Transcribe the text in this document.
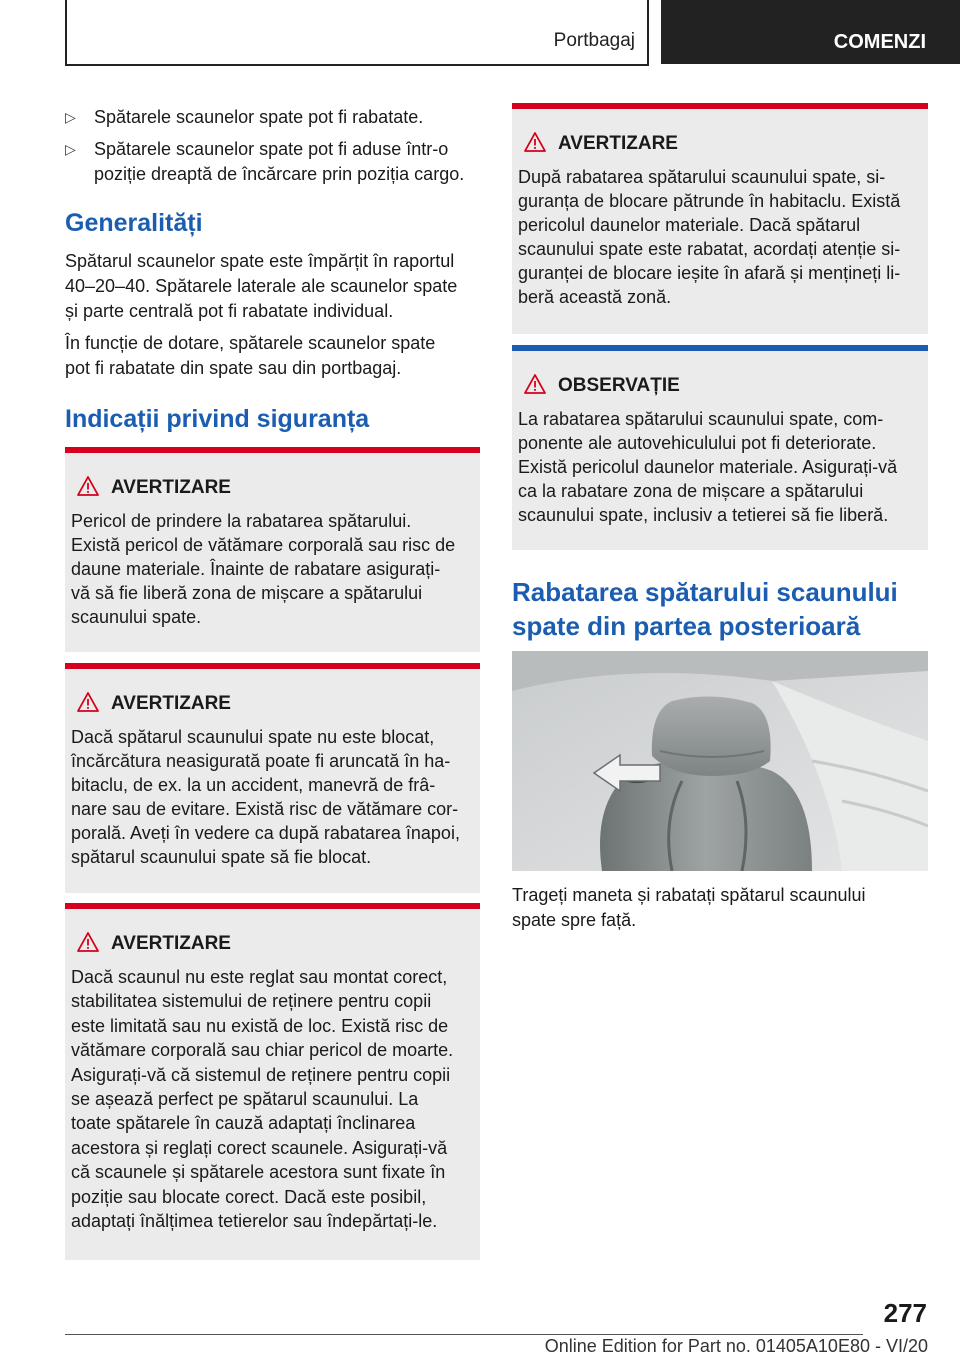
Portbagaj	COMENZI
▷ Spătarele scaunelor spate pot fi rabatate.
▷ Spătarele scaunelor spate pot fi aduse într-o
poziție dreaptă de încărcare prin poziția cargo.
Generalități
Spătarul scaunelor spate este împărțit în raportul
40–20–40. Spătarele laterale ale scaunelor spate
și parte centrală pot fi rabatate individual.
În funcție de dotare, spătarele scaunelor spate
pot fi rabatate din spate sau din portbagaj.
Indicații privind siguranța
AVERTIZARE
Pericol de prindere la rabatarea spătarului.
Există pericol de vătămare corporală sau risc de
daune materiale. Înainte de rabatare asigurați-
vă să fie liberă zona de mișcare a spătarului
scaunului spate.
AVERTIZARE
Dacă spătarul scaunului spate nu este blocat,
încărcătura neasigurată poate fi aruncată în ha-
bitaclu, de ex. la un accident, manevră de frâ-
nare sau de evitare. Există risc de vătămare cor-
porală. Aveți în vedere ca după rabatarea înapoi,
spătarul scaunului spate să fie blocat.
AVERTIZARE
Dacă scaunul nu este reglat sau montat corect,
stabilitatea sistemului de reținere pentru copii
este limitată sau nu există de loc. Există risc de
vătămare corporală sau chiar pericol de moarte.
Asigurați-vă că sistemul de reținere pentru copii
se așează perfect pe spătarul scaunului. La
toate spătarele în cauză adaptați înclinarea
acestora și reglați corect scaunele. Asigurați-vă
că scaunele și spătarele acestora sunt fixate în
poziție sau blocate corect. Dacă este posibil,
adaptați înălțimea tetierelor sau îndepărtați-le.
AVERTIZARE
După rabatarea spătarului scaunului spate, si-
guranța de blocare pătrunde în habitaclu. Există
pericolul daunelor materiale. Dacă spătarul
scaunului spate este rabatat, acordați atenție si-
guranței de blocare ieșite în afară și mențineți li-
beră această zonă.
OBSERVAȚIE
La rabatarea spătarului scaunului spate, com-
ponente ale autovehiculului pot fi deteriorate.
Există pericolul daunelor materiale. Asigurați-vă
ca la rabatare zona de mișcare a spătarului
scaunului spate, inclusiv a tetierei să fie liberă.
Rabatarea spătarului scaunului
spate din partea posterioară
Trageți maneta și rabatați spătarul scaunului
spate spre față.
277
Online Edition for Part no. 01405A10E80 - VI/20
